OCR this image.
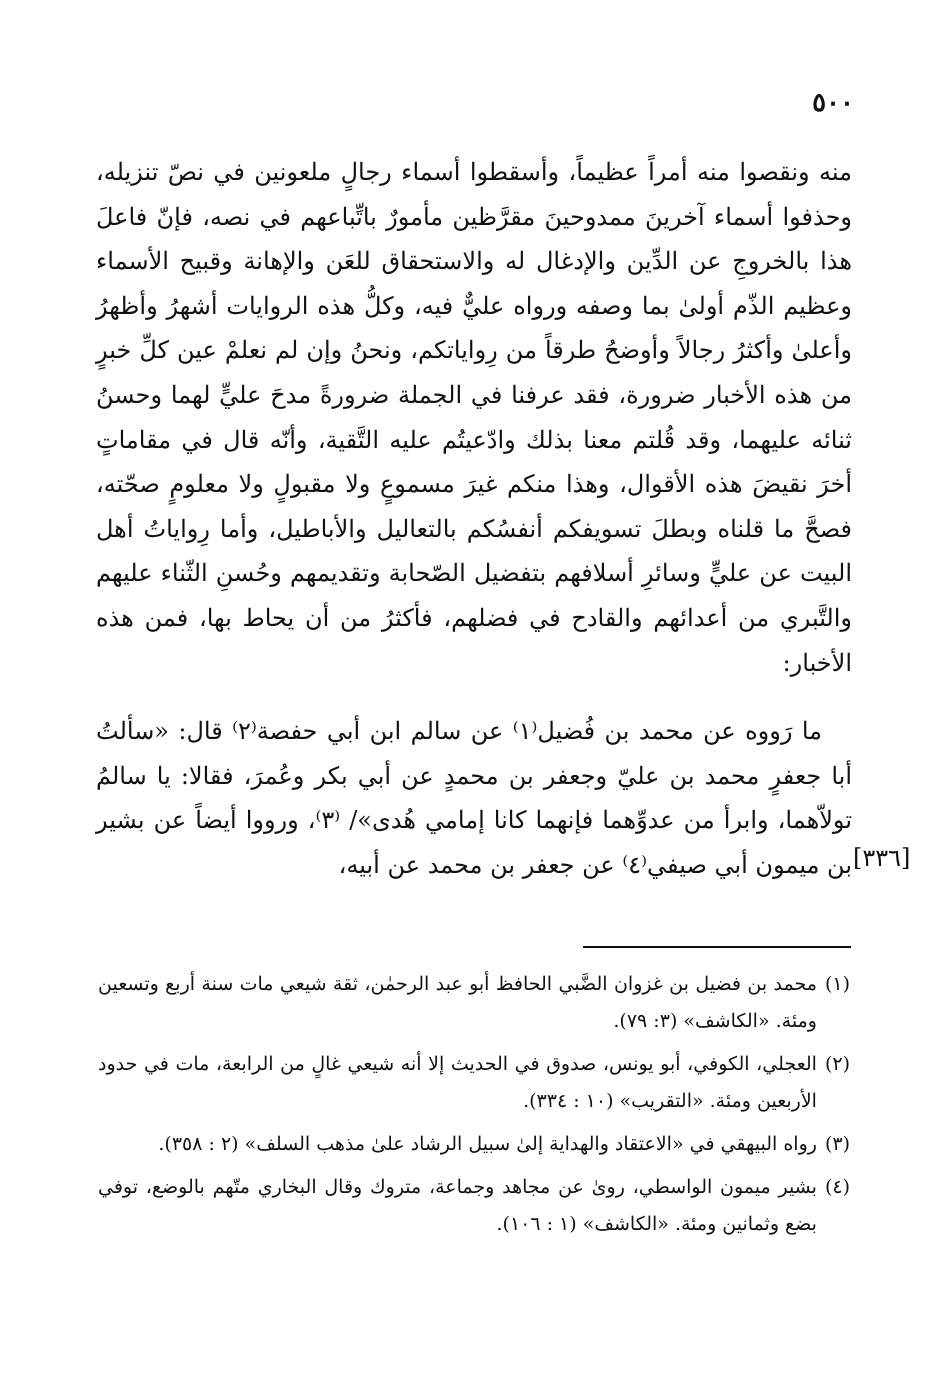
٥٠٠

منه ونقصوا منه أمراً عظيماً، وأسقطوا أسماء رجالٍ ملعونين في نصّ تنزيله، وحذفوا أسماء آخرينَ ممدوحينَ مقرَّظين مأمورٌ باتِّباعهم في نصه، فإنّ فاعلَ هذا بالخروجِ عن الدِّين والإدغال له والاستحقاق للعَن والإهانة وقبيح الأسماء وعظيم الذّم أولىٰ بما وصفه ورواه عليٌّ فيه، وكلُّ هذه الروايات أشهرُ وأظهرُ وأعلىٰ وأكثرُ رجالاً وأوضحُ طرقاً من رِواياتكم، ونحنُ وإن لم نعلمْ عين كلِّ خبرٍ من هذه الأخبار ضرورة، فقد عرفنا في الجملة ضرورةً مدحَ عليٍّ لهما وحسنُ ثنائه عليهما، وقد قُلتم معنا بذلك وادّعيتُم عليه التَّقية، وأنّه قال في مقاماتٍ أخرَ نقيضَ هذه الأقوال، وهذا منكم غيرَ مسموعٍ ولا مقبولٍ ولا معلومٍ صحّته، فصحَّ ما قلناه وبطلَ تسويفكم أنفسُكم بالتعاليل والأباطيل، وأما رِواياتُ أهل البيت عن عليٍّ وسائرِ أسلافهم بتفضيل الصّحابة وتقديمهم وحُسنِ الثّناء عليهم والتَّبري من أعدائهم والقادح في فضلهم، فأكثرُ من أن يحاط بها، فمن هذه الأخبار:

ما رَووه عن محمد بن فُضيل⁽١⁾ عن سالم ابن أبي حفصة⁽٢⁾ قال: «سألتُ أبا جعفرٍ محمد بن عليّ وجعفر بن محمدٍ عن أبي بكر وعُمرَ، فقالا: يا سالمُ تولاّهما، وابرأ من عدوِّهما فإنهما كانا إمامي هُدى»/ ⁽٣⁾، ورووا أيضاً عن بشير بن ميمون أبي صيفي⁽٤⁾ عن جعفر بن محمد عن أبيه، [٣٣٦]
(١)
محمد بن فضيل بن غزوان الضَّبي الحافظ أبو عبد الرحمٰن، ثقة شيعي مات سنة أربع وتسعين ومئة. «الكاشف» (٣: ٧٩).
(٢)
العجلي، الكوفي، أبو يونس، صدوق في الحديث إلا أنه شيعي غالٍ من الرابعة، مات في حدود الأربعين ومئة. «التقريب» (١٠ : ٣٣٤).
(٣)
رواه البيهقي في «الاعتقاد والهداية إلىٰ سبيل الرشاد علىٰ مذهب السلف» (٢ : ٣٥٨).
(٤)
بشير ميمون الواسطي، روىٰ عن مجاهد وجماعة، متروك وقال البخاري متّهم بالوضع، توفي بضع وثمانين ومئة. «الكاشف» (١ : ١٠٦).
